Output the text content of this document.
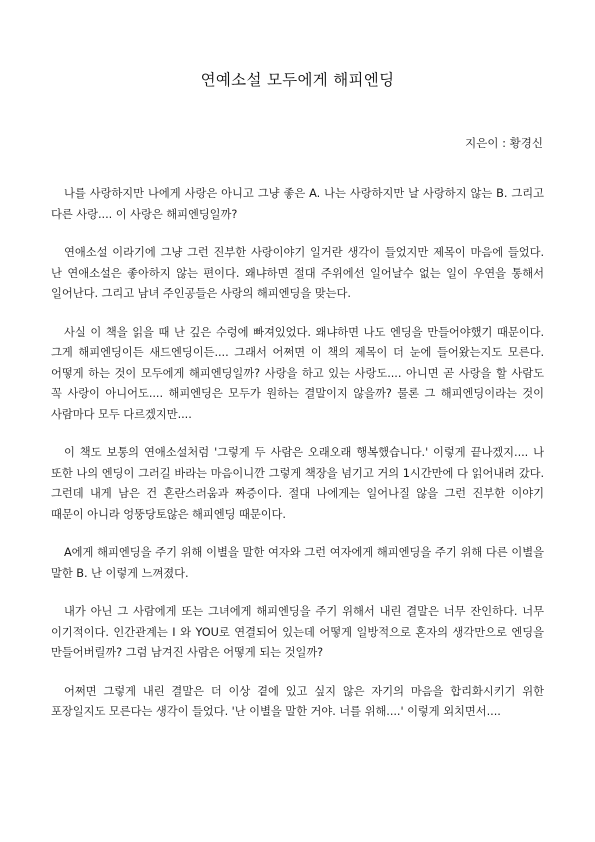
연예소설 모두에게 해피엔딩
지은이 : 황경신

나를 사랑하지만 나에게 사랑은 아니고 그냥 좋은 A. 나는 사랑하지만 날 사랑하지 않는 B. 그리고 다른 사랑.... 이 사랑은 해피엔딩일까?

연애소설 이라기에 그냥 그런 진부한 사랑이야기 일거란 생각이 들었지만 제목이 마음에 들었다. 난 연애소설은 좋아하지 않는 편이다. 왜냐하면 절대 주위에선 일어날수 없는 일이 우연을 통해서 일어난다. 그리고 남녀 주인공들은 사랑의 해피엔딩을 맞는다.

사실 이 책을 읽을 때 난 깊은 수렁에 빠져있었다. 왜냐하면 나도 엔딩을 만들어야했기 때문이다. 그게 해피엔딩이든 새드엔딩이든.... 그래서 어쩌면 이 책의 제목이 더 눈에 들어왔는지도 모른다. 어떻게 하는 것이 모두에게 해피엔딩일까? 사랑을 하고 있는 사랑도.... 아니면 곧 사랑을 할 사람도 꼭 사랑이 아니어도.... 해피엔딩은 모두가 원하는 결말이지 않을까? 물론 그 해피엔딩이라는 것이 사람마다 모두 다르겠지만....

이 책도 보통의 연애소설처럼 '그렇게 두 사람은 오래오래 행복했습니다.' 이렇게 끝나겠지.... 나 또한 나의 엔딩이 그러길 바라는 마음이니깐 그렇게 책장을 넘기고 거의 1시간만에 다 읽어내려 갔다. 그런데 내게 남은 건 혼란스러움과 짜증이다. 절대 나에게는 일어나질 않을 그런 진부한 이야기 때문이 아니라 엉뚱당토않은 해피엔딩 때문이다.

A에게 해피엔딩을 주기 위해 이별을 말한 여자와 그런 여자에게 해피엔딩을 주기 위해 다른 이별을 말한 B. 난 이렇게 느껴졌다.

내가 아닌 그 사람에게 또는 그녀에게 해피엔딩을 주기 위해서 내린 결말은 너무 잔인하다. 너무 이기적이다. 인간관계는 I 와 YOU로 연결되어 있는데 어떻게 일방적으로 혼자의 생각만으로 엔딩을 만들어버릴까? 그럼 남겨진 사람은 어떻게 되는 것일까?

어쩌면 그렇게 내린 결말은 더 이상 곁에 있고 싶지 않은 자기의 마음을 합리화시키기 위한 포장일지도 모른다는 생각이 들었다. '난 이별을 말한 거야. 너를 위해....' 이렇게 외치면서....
